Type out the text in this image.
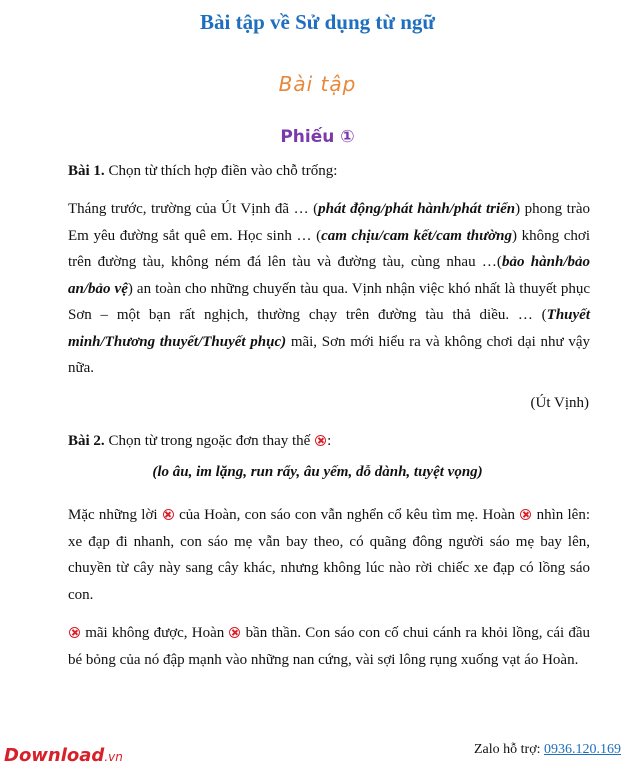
Bài tập về Sử dụng từ ngữ
Bài tập
Phiếu ①
Bài 1. Chọn từ thích hợp điền vào chỗ trống:
Tháng trước, trường của Út Vịnh đã … (phát động/phát hành/phát triển) phong trào Em yêu đường sắt quê em. Học sinh … (cam chịu/cam kết/cam thường) không chơi trên đường tàu, không ném đá lên tàu và đường tàu, cùng nhau …(bảo hành/bảo an/bảo vệ) an toàn cho những chuyến tàu qua. Vịnh nhận việc khó nhất là thuyết phục Sơn – một bạn rất nghịch, thường chạy trên đường tàu thả diều. … (Thuyết minh/Thương thuyết/Thuyết phục) mãi, Sơn mới hiểu ra và không chơi dại như vậy nữa.
(Út Vịnh)
Bài 2. Chọn từ trong ngoặc đơn thay thế :
(lo âu, im lặng, run rẩy, âu yếm, dỗ dành, tuyệt vọng)
Mặc những lời của Hoàn, con sáo con vẫn nghển cổ kêu tìm mẹ. Hoàn nhìn lên: xe đạp đi nhanh, con sáo mẹ vẫn bay theo, có quãng đông người sáo mẹ bay lên, chuyền từ cây này sang cây khác, nhưng không lúc nào rời chiếc xe đạp có lồng sáo con.
mãi không được, Hoàn bần thần. Con sáo con cố chui cánh ra khỏi lồng, cái đầu bé bỏng của nó đập mạnh vào những nan cứng, vài sợi lông rụng xuống vạt áo Hoàn.
Download.vn	Zalo hỗ trợ: 0936.120.169
